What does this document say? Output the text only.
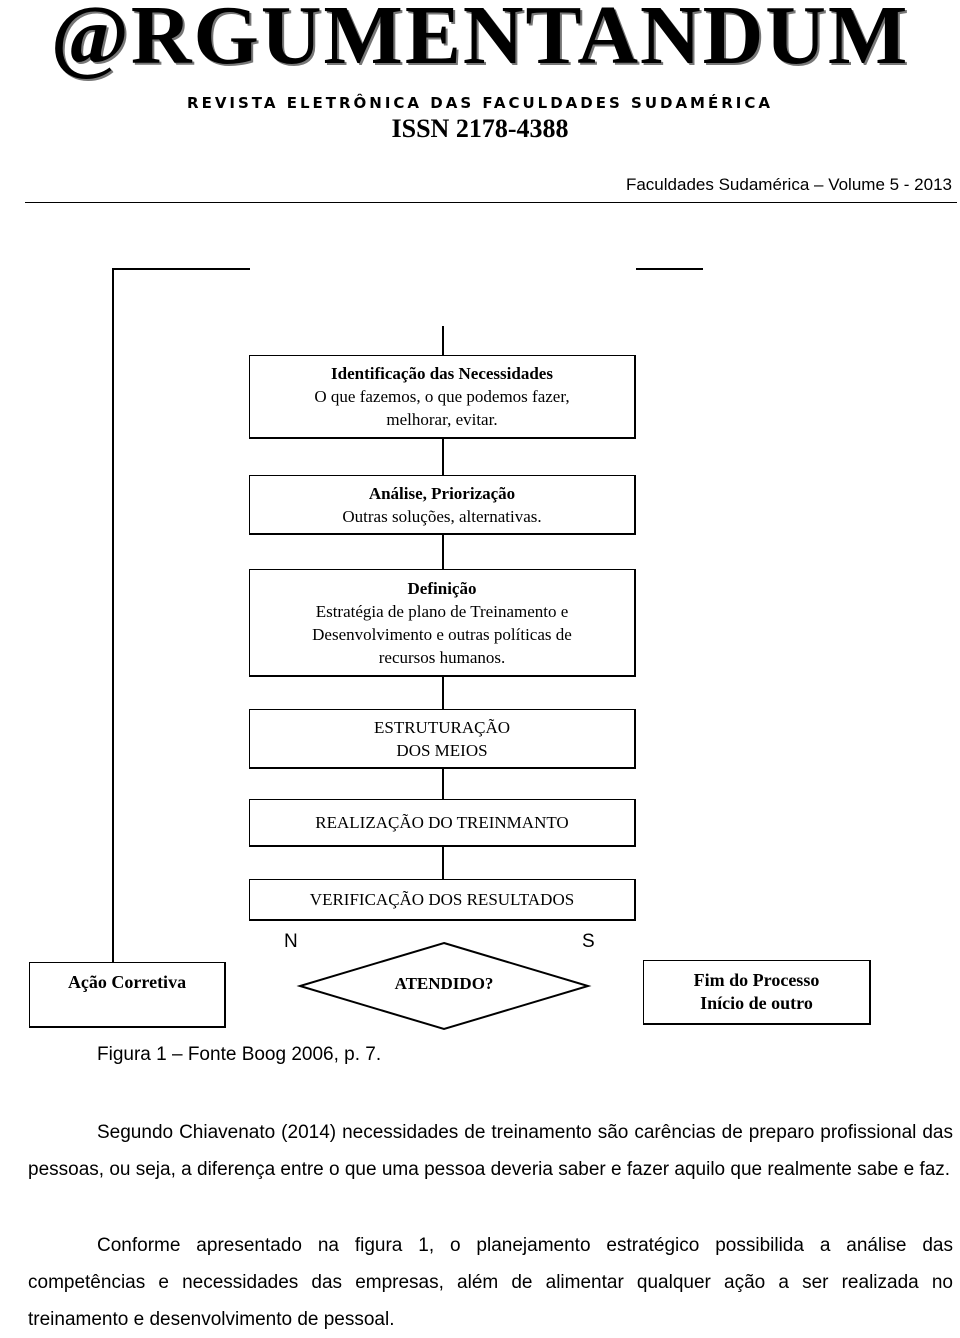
@RGUMENTANDUM
REVISTA ELETRÔNICA DAS FACULDADES SUDAMÉRICA
ISSN 2178-4388
Faculdades Sudamérica – Volume 5 - 2013
Identificação das Necessidades
O que fazemos, o que podemos fazer,
melhorar, evitar.
Análise, Priorização
Outras soluções, alternativas.
Definição
Estratégia de plano de Treinamento e
Desenvolvimento e outras políticas de
recursos humanos.
ESTRUTURAÇÃO
DOS MEIOS
REALIZAÇÃO DO TREINMANTO
VERIFICAÇÃO DOS RESULTADOS
ATENDIDO?
N	S
Ação Corretiva	Fim do Processo
Início de outro
Figura 1 – Fonte Boog 2006, p. 7.

Segundo Chiavenato (2014) necessidades de treinamento são carências de preparo profissional das pessoas, ou seja, a diferença entre o que uma pessoa deveria saber e fazer aquilo que realmente sabe e faz.

Conforme apresentado na figura 1, o planejamento estratégico possibilida a análise das competências e necessidades das empresas, além de alimentar qualquer ação a ser realizada no treinamento e desenvolvimento de pessoal.
